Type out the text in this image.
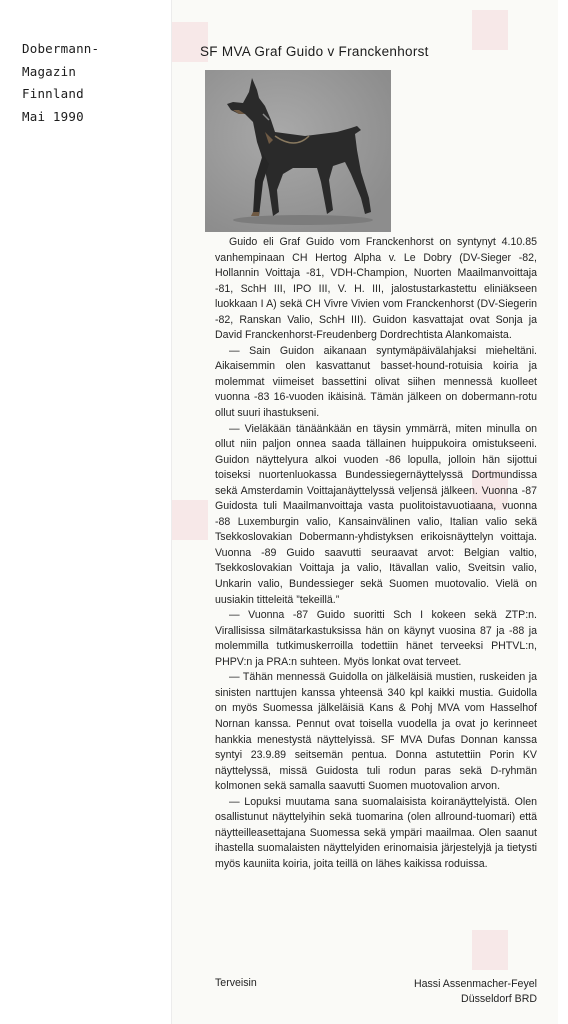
Dobermann-
Magazin
Finnland
Mai 1990
SF MVA Graf Guido v Franckenhorst

Guido eli Graf Guido vom Franckenhorst on syntynyt 4.10.85 vanhempinaan CH Hertog Alpha v. Le Dobry (DV-Sieger -82, Hollannin Voittaja -81, VDH-Champion, Nuorten Maailmanvoittaja -81, SchH III, IPO III, V. H. III, jalostustarkastettu eliniäkseen luokkaan I A) sekä CH Vivre Vivien vom Franckenhorst (DV-Siegerin -82, Ranskan Valio, SchH III). Guidon kasvattajat ovat Sonja ja David Franckenhorst-Freudenberg Dordrechtista Alankomaista.

— Sain Guidon aikanaan syntymäpäivälahjaksi mieheltäni. Aikaisemmin olen kasvattanut basset-hound-rotuisia koiria ja molemmat viimeiset bassettini olivat siihen mennessä kuolleet vuonna -83 16-vuoden ikäisinä. Tämän jälkeen on dobermann-rotu ollut suuri ihastukseni.

— Vieläkään tänäänkään en täysin ymmärrä, miten minulla on ollut niin paljon onnea saada tällainen huippukoira omistukseeni. Guidon näyttelyura alkoi vuoden -86 lopulla, jolloin hän sijottui toiseksi nuortenluokassa Bundessiegernäyttelyssä Dortmundissa sekä Amsterdamin Voittajanäyttelyssä veljensä jälkeen. Vuonna -87 Guidosta tuli Maailmanvoittaja vasta puolitoistavuotiaana, vuonna -88 Luxemburgin valio, Kansainvälinen valio, Italian valio sekä Tsekkoslovakian Dobermann-yhdistyksen erikoisnäyttelyn voittaja. Vuonna -89 Guido saavutti seuraavat arvot: Belgian valtio, Tsekkoslovakian Voittaja ja valio, Itävallan valio, Sveitsin valio, Unkarin valio, Bundessieger sekä Suomen muotovalio. Vielä on uusiakin titteleitä ”tekeillä.”

— Vuonna -87 Guido suoritti Sch I kokeen sekä ZTP:n. Virallisissa silmätarkastuksissa hän on käynyt vuosina 87 ja -88 ja molemmilla tutkimuskerroilla todettiin hänet terveeksi PHTVL:n, PHPV:n ja PRA:n suhteen. Myös lonkat ovat terveet.

— Tähän mennessä Guidolla on jälkeläisiä mustien, ruskeiden ja sinisten narttujen kanssa yhteensä 340 kpl kaikki mustia. Guidolla on myös Suomessa jälkeläisiä Kans & Pohj MVA vom Hasselhof Nornan kanssa. Pennut ovat toisella vuodella ja ovat jo kerinneet hankkia menestystä näyttelyissä. SF MVA Dufas Donnan kanssa syntyi 23.9.89 seitsemän pentua. Donna astutettiin Porin KV näyttelyssä, missä Guidosta tuli rodun paras sekä D-ryhmän kolmonen sekä samalla saavutti Suomen muotovalion arvon.

— Lopuksi muutama sana suomalaisista koiranäyttelyistä. Olen osallistunut näyttelyihin sekä tuomarina (olen allround-tuomari) että näytteilleasettajana Suomessa sekä ympäri maailmaa. Olen saanut ihastella suomalaisten näyttelyiden erinomaisia järjestelyjä ja tietysti myös kauniita koiria, joita teillä on lähes kaikissa roduissa.

Terveisin	Hassi Assenmacher-Feyel
Düsseldorf BRD
